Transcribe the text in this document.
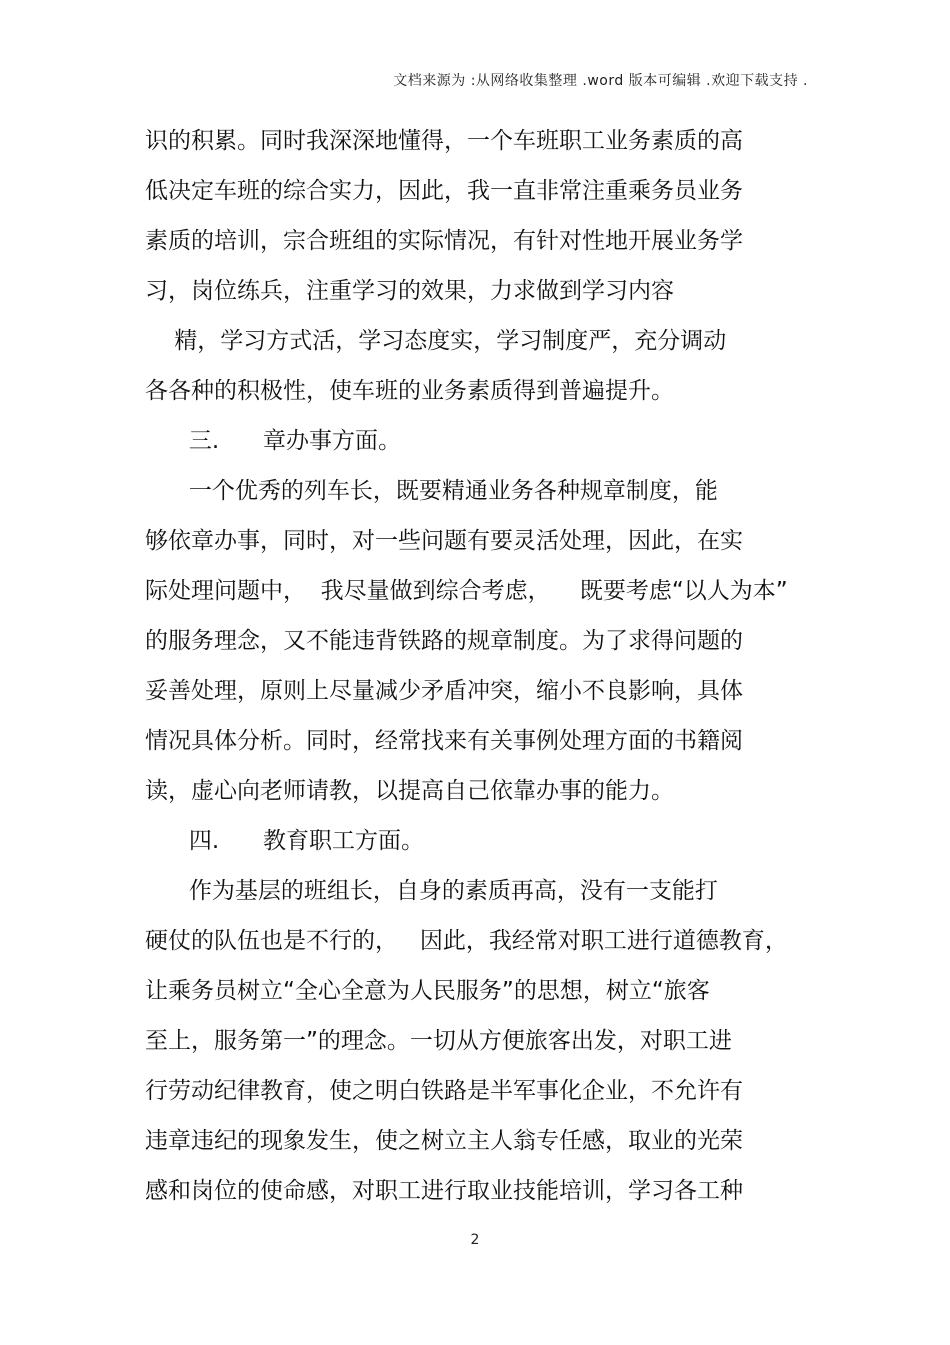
文档来源为 :从网络收集整理 .word 版本可编辑 .欢迎下载支持 .
识的积累。同时我深深地懂得，一个车班职工业务素质的高
低决定车班的综合实力，因此，我一直非常注重乘务员业务
素质的培训，宗合班组的实际情况，有针对性地开展业务学
习，岗位练兵，注重学习的效果，力求做到学习内容
精，学习方式活，学习态度实，学习制度严，充分调动
各各种的积极性，使车班的业务素质得到普遍提升。
三.      章办事方面。
一个优秀的列车长，既要精通业务各种规章制度，能
够依章办事，同时，对一些问题有要灵活处理，因此，在实
际处理问题中，  我尽量做到综合考虑，    既要考虑“以人为本”
的服务理念，又不能违背铁路的规章制度。为了求得问题的
妥善处理，原则上尽量减少矛盾冲突，缩小不良影响，具体
情况具体分析。同时，经常找来有关事例处理方面的书籍阅
读，虚心向老师请教，以提高自己依靠办事的能力。
四.      教育职工方面。
作为基层的班组长，自身的素质再高，没有一支能打
硬仗的队伍也是不行的，   因此，我经常对职工进行道德教育，
让乘务员树立“全心全意为人民服务”的思想，树立“旅客
至上，服务第一”的理念。一切从方便旅客出发，对职工进
行劳动纪律教育，使之明白铁路是半军事化企业，不允许有
违章违纪的现象发生，使之树立主人翁专任感，取业的光荣
感和岗位的使命感，对职工进行取业技能培训，学习各工种
2
